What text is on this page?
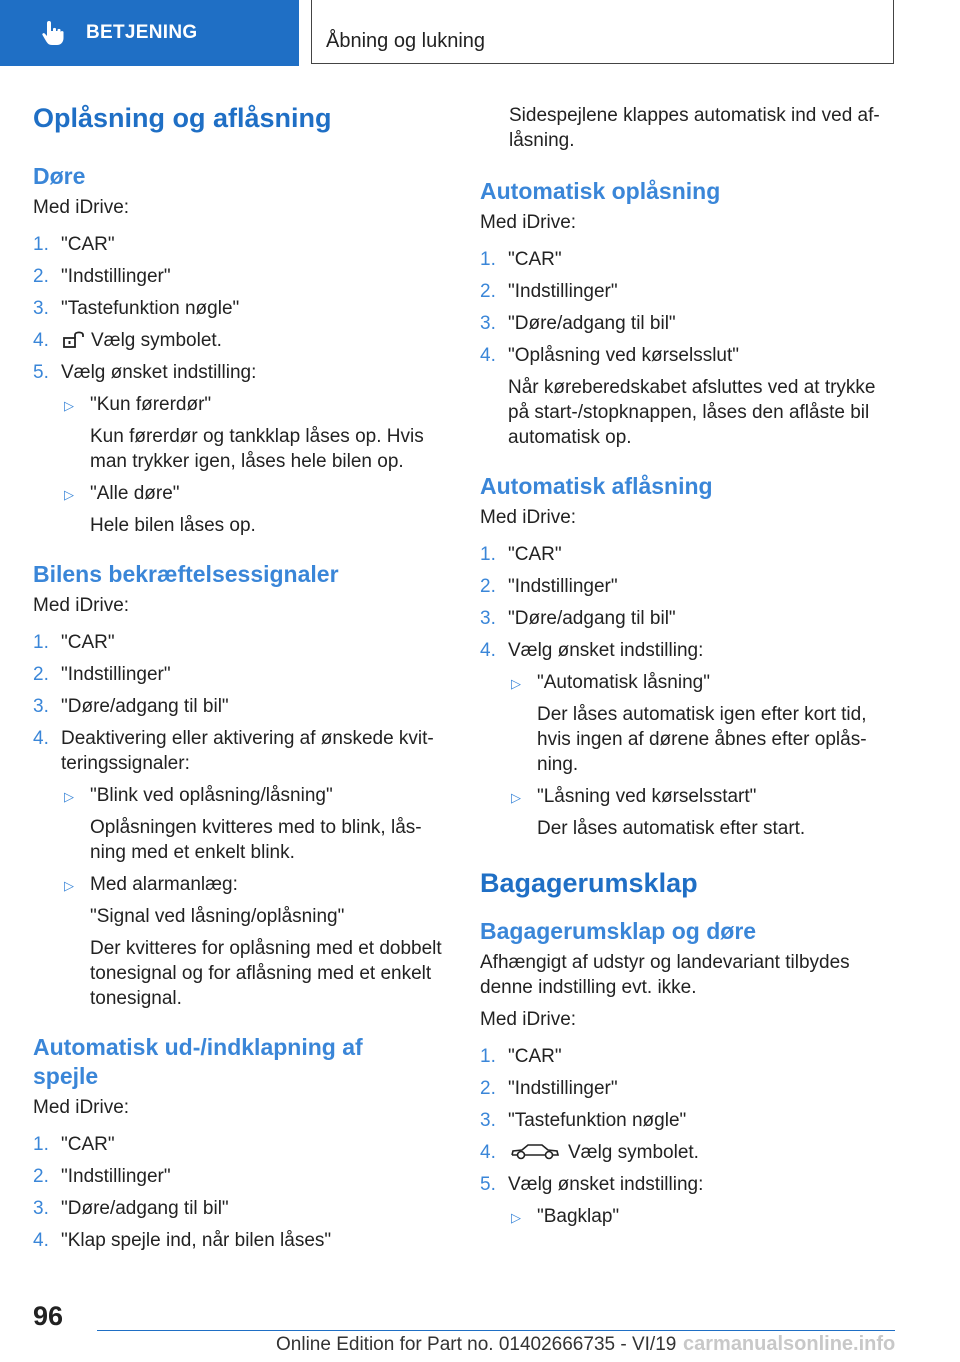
BETJENING	Åbning og lukning
Oplåsning og aflåsning
Døre

Med iDrive:

1. "CAR"
2. "Indstillinger"
3. "Tastefunktion nøgle"
4. Vælg symbolet.
5. Vælg ønsket indstilling:
▷ "Kun førerdør"
Kun førerdør og tankklap låses op. Hvis
man trykker igen, låses hele bilen op.
▷ "Alle døre"
Hele bilen låses op.
Bilens bekræftelsessignaler

Med iDrive:

1. "CAR"
2. "Indstillinger"
3. "Døre/adgang til bil"
4. Deaktivering eller aktivering af ønskede kvit-
teringssignaler:
▷ "Blink ved oplåsning/låsning"
Oplåsningen kvitteres med to blink, lås-
ning med et enkelt blink.
▷ Med alarmanlæg:
"Signal ved låsning/oplåsning"
Der kvitteres for oplåsning med et dobbelt
tonesignal og for aflåsning med et enkelt
tonesignal.
Automatisk ud-/indklapning af
spejle

Med iDrive:

1. "CAR"
2. "Indstillinger"
3. "Døre/adgang til bil"
4. "Klap spejle ind, når bilen låses"

Sidespejlene klappes automatisk ind ved af-

låsning.

Automatisk oplåsning

Med iDrive:

1. "CAR"
2. "Indstillinger"
3. "Døre/adgang til bil"
4. "Oplåsning ved kørselsslut"
Når køreberedskabet afsluttes ved at trykke
på start-/stopknappen, låses den aflåste bil
automatisk op.
Automatisk aflåsning

Med iDrive:

1. "CAR"
2. "Indstillinger"
3. "Døre/adgang til bil"
4. Vælg ønsket indstilling:
▷ "Automatisk låsning"
Der låses automatisk igen efter kort tid,
hvis ingen af dørene åbnes efter oplås-
ning.
▷ "Låsning ved kørselsstart"
Der låses automatisk efter start.
Bagagerumsklap
Bagagerumsklap og døre

Afhængigt af udstyr og landevariant tilbydes

denne indstilling evt. ikke.

Med iDrive:

1. "CAR"
2. "Indstillinger"
3. "Tastefunktion nøgle"
4.	Vælg symbolet.
5. Vælg ønsket indstilling:
▷ "Bagklap"
96
Online Edition for Part no. 01402666735 - VI/19 carmanualsonline.info
